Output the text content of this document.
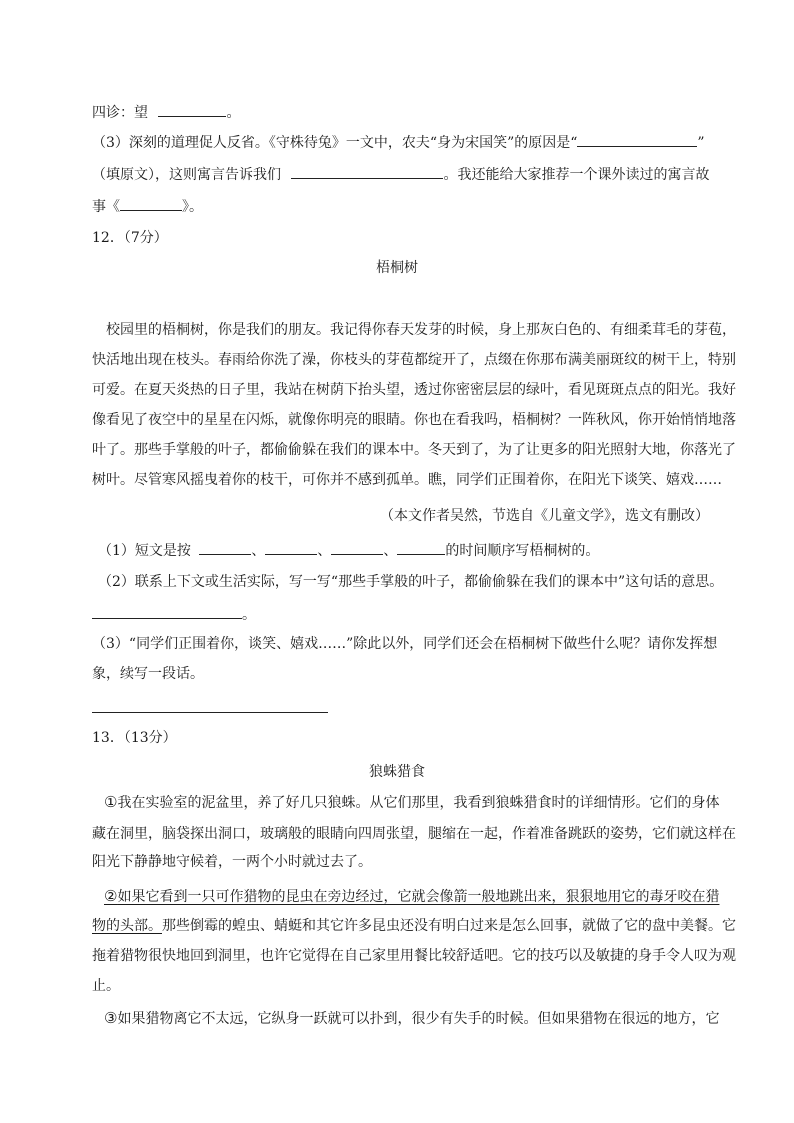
四诊：望	。
（3）深刻的道理促人反省。《守株待兔》一文中，农夫“身为宋国笑”的原因是“	”
（填原文），这则寓言告诉我们	。我还能给大家推荐一个课外读过的寓言故
事《	》。
12．（7分）
梧桐树
校园里的梧桐树，你是我们的朋友。我记得你春天发芽的时候，身上那灰白色的、有细柔茸毛的芽苞，
快活地出现在枝头。春雨给你洗了澡，你枝头的芽苞都绽开了，点缀在你那布满美丽斑纹的树干上，特别
可爱。在夏天炎热的日子里，我站在树荫下抬头望，透过你密密层层的绿叶，看见斑斑点点的阳光。我好
像看见了夜空中的星星在闪烁，就像你明亮的眼睛。你也在看我吗，梧桐树？一阵秋风，你开始悄悄地落
叶了。那些手掌般的叶子，都偷偷躲在我们的课本中。冬天到了，为了让更多的阳光照射大地，你落光了
树叶。尽管寒风摇曳着你的枝干，可你并不感到孤单。瞧，同学们正围着你，在阳光下谈笑、嬉戏……
（本文作者吴然，节选自《儿童文学》，选文有删改）
（1）短文是按	、	、	、	的时间顺序写梧桐树的。
（2）联系上下文或生活实际，写一写“那些手掌般的叶子，都偷偷躲在我们的课本中”这句话的意思。
。
（3）“同学们正围着你，谈笑、嬉戏……”除此以外，同学们还会在梧桐树下做些什么呢？请你发挥想
象，续写一段话。
13．（13分）
狼蛛猎食
①我在实验室的泥盆里，养了好几只狼蛛。从它们那里，我看到狼蛛猎食时的详细情形。它们的身体
藏在洞里，脑袋探出洞口，玻璃般的眼睛向四周张望，腿缩在一起，作着准备跳跃的姿势，它们就这样在
阳光下静静地守候着，一两个小时就过去了。
②如果它看到一只可作猎物的昆虫在旁边经过，它就会像箭一般地跳出来，狠狠地用它的毒牙咬在猎
物的头部。那些倒霉的蝗虫、蜻蜓和其它许多昆虫还没有明白过来是怎么回事，就做了它的盘中美餐。它
拖着猎物很快地回到洞里，也许它觉得在自己家里用餐比较舒适吧。它的技巧以及敏捷的身手令人叹为观
止。
③如果猎物离它不太远，它纵身一跃就可以扑到，很少有失手的时候。但如果猎物在很远的地方，它
